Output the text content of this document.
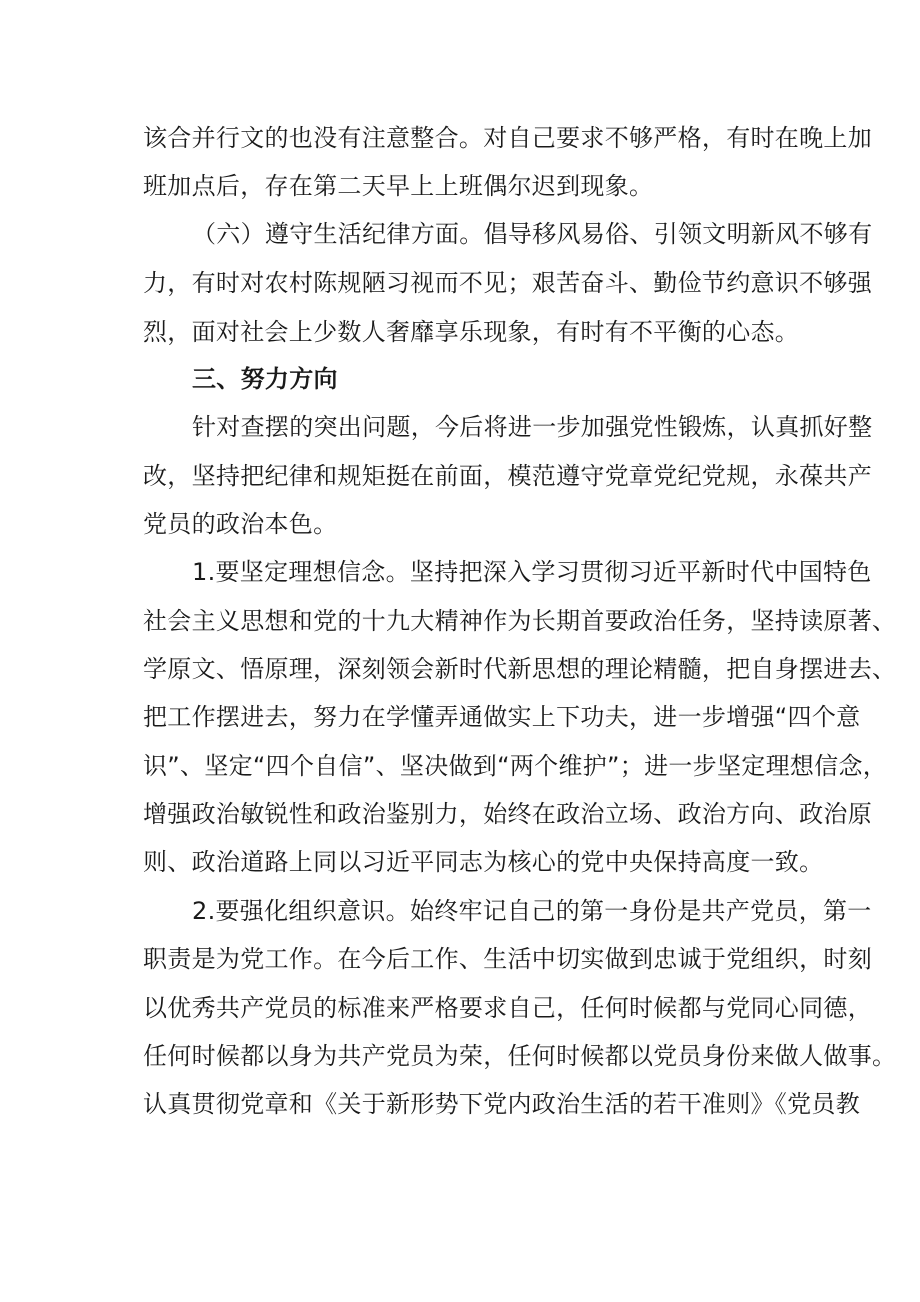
该合并行文的也没有注意整合。对自己要求不够严格，有时在晚上加
班加点后，存在第二天早上上班偶尔迟到现象。
（六）遵守生活纪律方面。倡导移风易俗、引领文明新风不够有
力，有时对农村陈规陋习视而不见；艰苦奋斗、勤俭节约意识不够强
烈，面对社会上少数人奢靡享乐现象，有时有不平衡的心态。
三、努力方向
针对查摆的突出问题，今后将进一步加强党性锻炼，认真抓好整
改，坚持把纪律和规矩挺在前面，模范遵守党章党纪党规，永葆共产
党员的政治本色。
1.要坚定理想信念。坚持把深入学习贯彻习近平新时代中国特色
社会主义思想和党的十九大精神作为长期首要政治任务，坚持读原著、
学原文、悟原理，深刻领会新时代新思想的理论精髓，把自身摆进去、
把工作摆进去，努力在学懂弄通做实上下功夫，进一步增强“四个意
识”、坚定“四个自信”、坚决做到“两个维护”；进一步坚定理想信念，
增强政治敏锐性和政治鉴别力，始终在政治立场、政治方向、政治原
则、政治道路上同以习近平同志为核心的党中央保持高度一致。
2.要强化组织意识。始终牢记自己的第一身份是共产党员，第一
职责是为党工作。在今后工作、生活中切实做到忠诚于党组织，时刻
以优秀共产党员的标准来严格要求自己，任何时候都与党同心同德，
任何时候都以身为共产党员为荣，任何时候都以党员身份来做人做事。
认真贯彻党章和《关于新形势下党内政治生活的若干准则》《党员教
